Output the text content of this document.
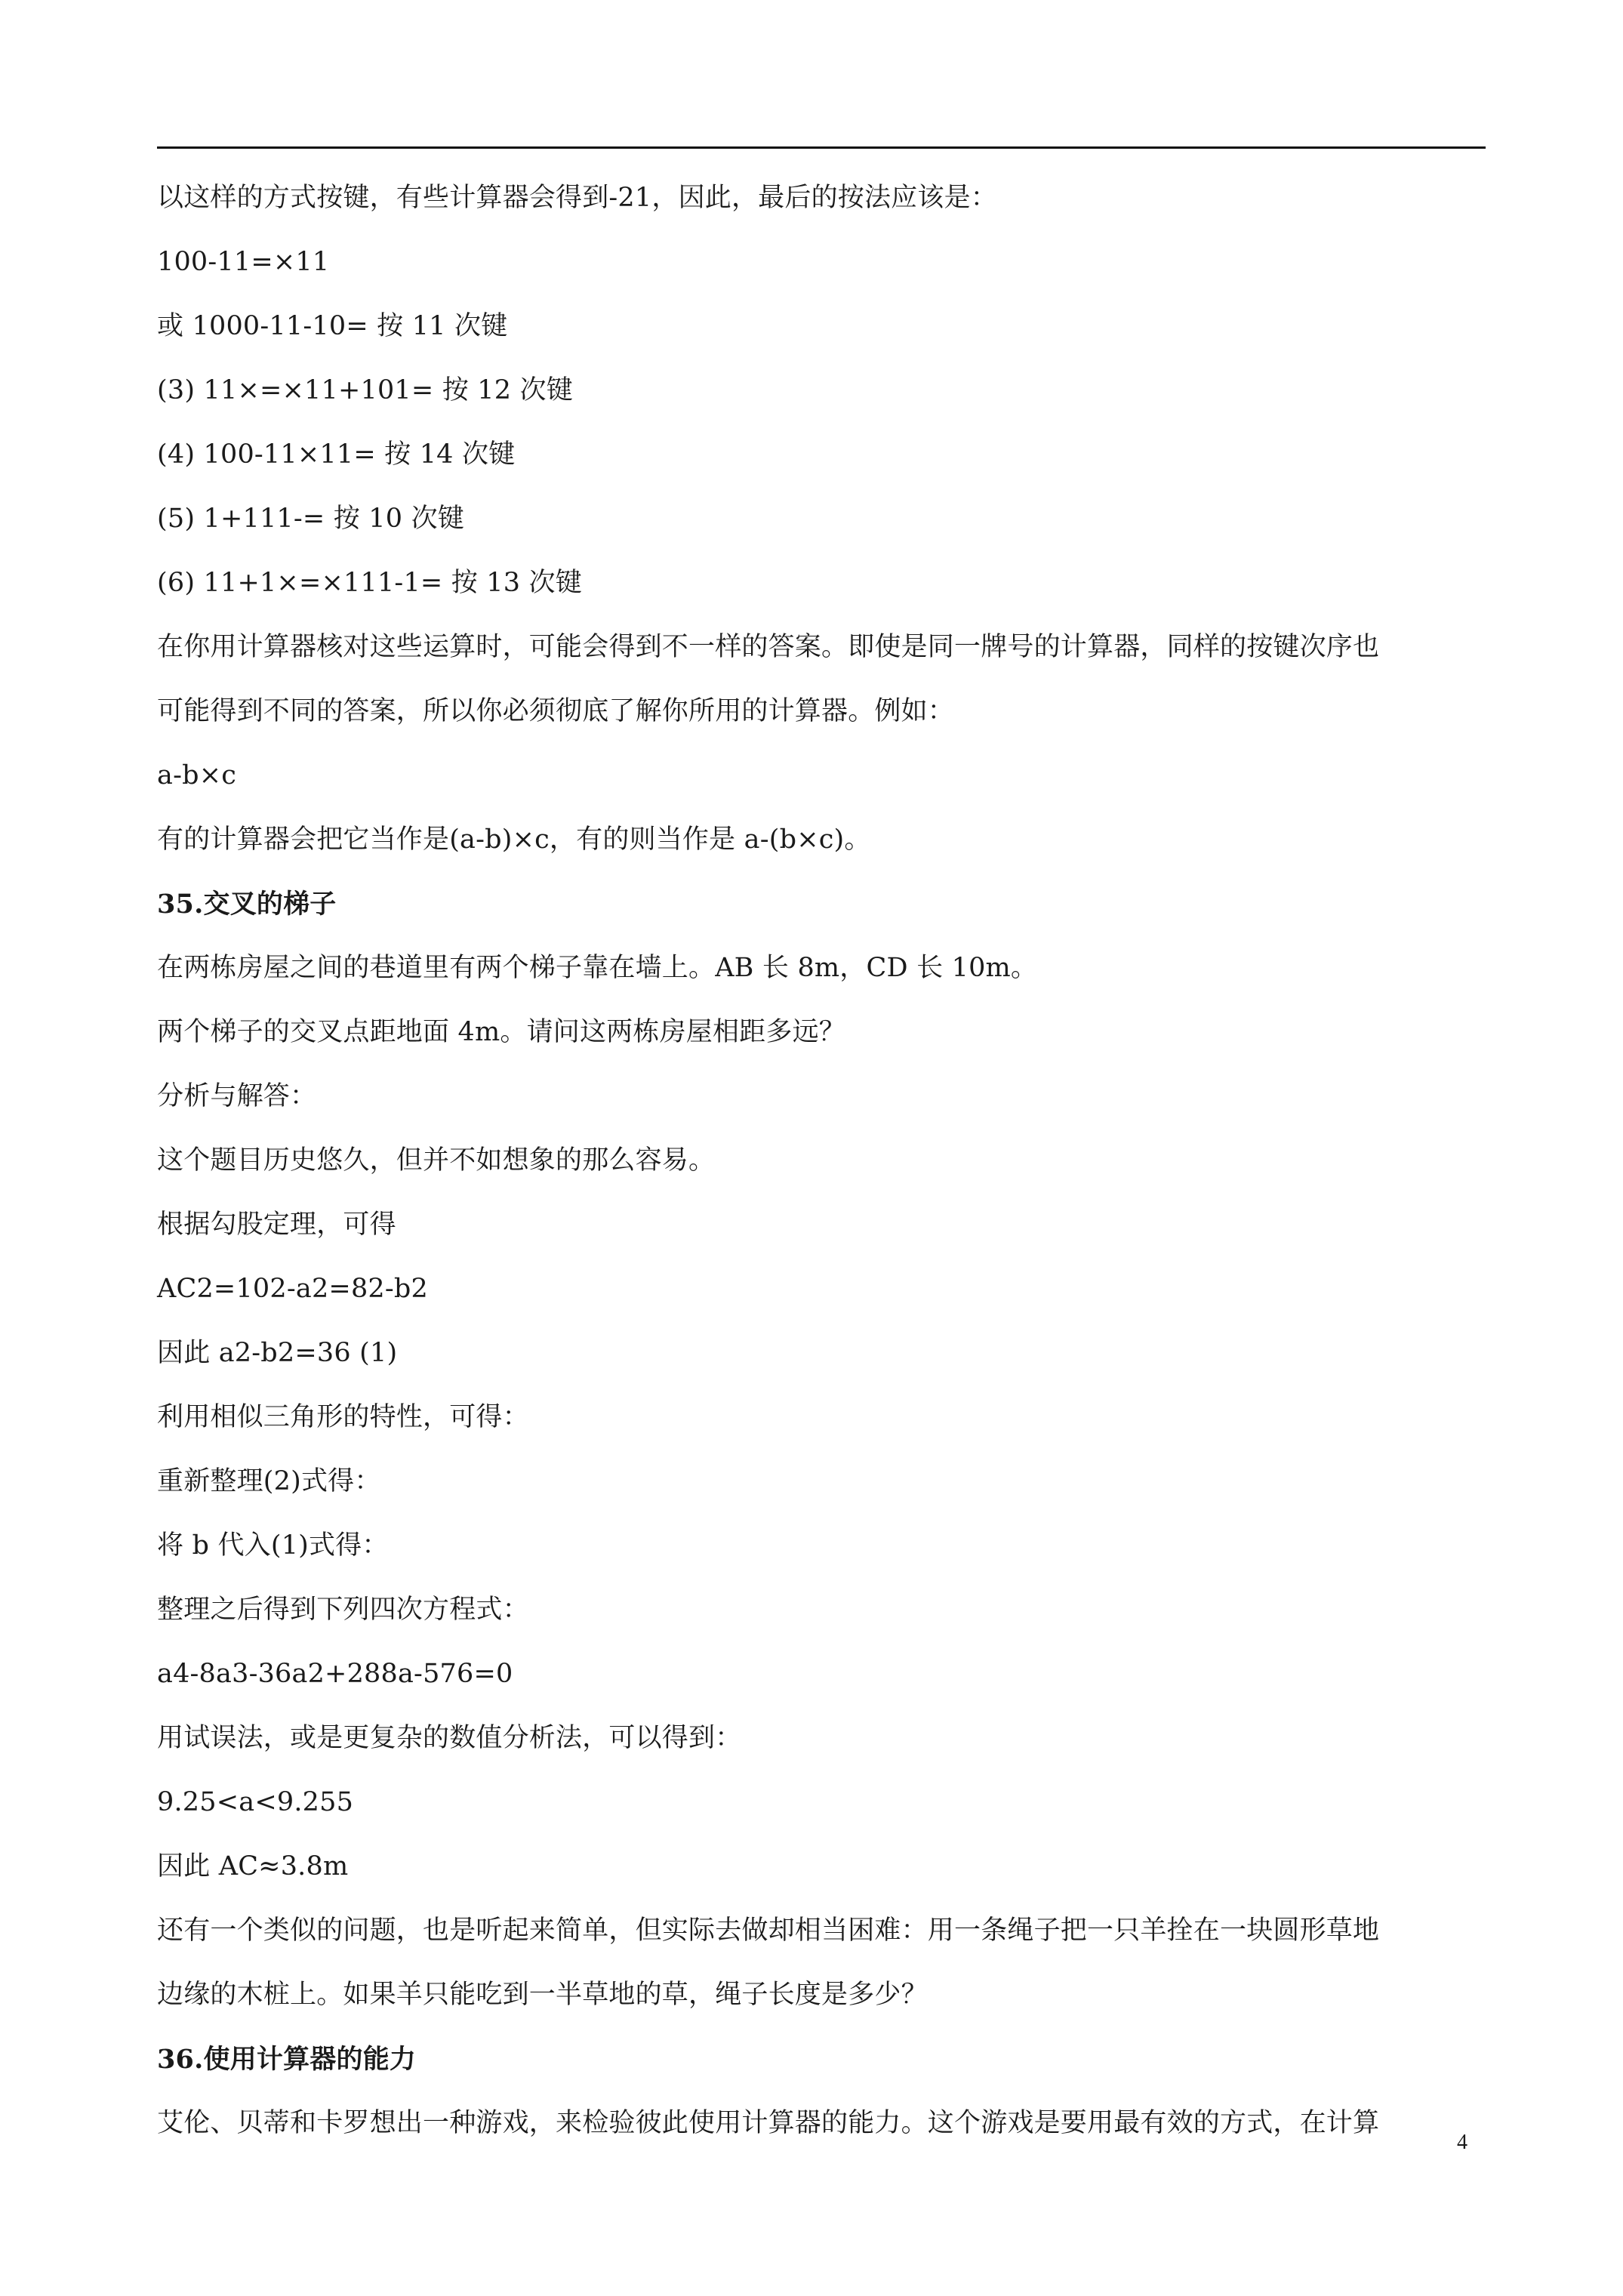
以这样的方式按键，有些计算器会得到-21，因此，最后的按法应该是：
100-11=×11
或 1000-11-10= 按 11 次键
(3) 11×=×11+101= 按 12 次键
(4) 100-11×11= 按 14 次键
(5) 1+111-= 按 10 次键
(6) 11+1×=×111-1= 按 13 次键
在你用计算器核对这些运算时，可能会得到不一样的答案。即使是同一牌号的计算器，同样的按键次序也
可能得到不同的答案，所以你必须彻底了解你所用的计算器。例如：
a-b×c
有的计算器会把它当作是(a-b)×c，有的则当作是 a-(b×c)。
35.交叉的梯子
在两栋房屋之间的巷道里有两个梯子靠在墙上。AB 长 8m，CD 长 10m。
两个梯子的交叉点距地面 4m。请问这两栋房屋相距多远？
分析与解答：
这个题目历史悠久，但并不如想象的那么容易。
根据勾股定理，可得
AC2=102-a2=82-b2
因此 a2-b2=36 (1)
利用相似三角形的特性，可得：
重新整理(2)式得：
将 b 代入(1)式得：
整理之后得到下列四次方程式：
a4-8a3-36a2+288a-576=0
用试误法，或是更复杂的数值分析法，可以得到：
9.25<a<9.255
因此 AC≈3.8m
还有一个类似的问题，也是听起来简单，但实际去做却相当困难：用一条绳子把一只羊拴在一块圆形草地
边缘的木桩上。如果羊只能吃到一半草地的草，绳子长度是多少？
36.使用计算器的能力
艾伦、贝蒂和卡罗想出一种游戏，来检验彼此使用计算器的能力。这个游戏是要用最有效的方式，在计算
4
